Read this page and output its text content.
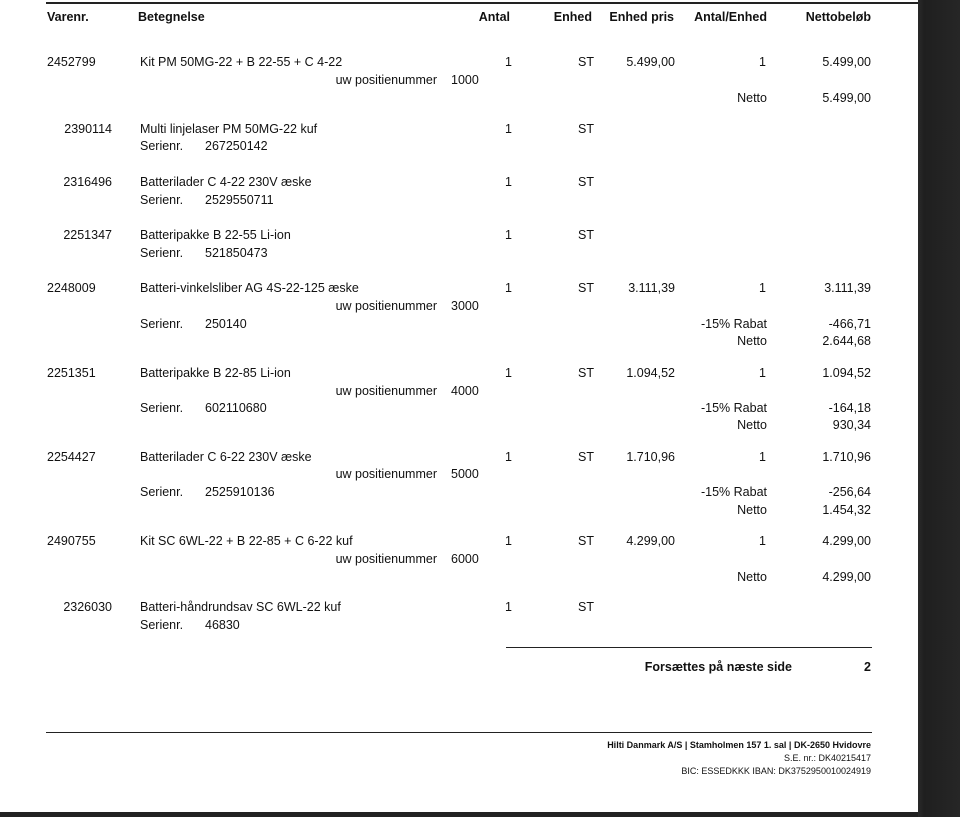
Varenr.	Betegnelse	Antal	Enhed	Enhed pris	Antal/Enhed	Nettobeløb
2452799	Kit PM 50MG-22 + B 22-55 + C 4-22	1	ST	5.499,00	1	5.499,00
uw positienummer 1000
Netto	5.499,00
2390114 Multi linjelaser PM 50MG-22 kuf	1	ST
Serienr. 267250142
2316496 Batterilader C 4-22 230V æske	1	ST
Serienr. 2529550711
2251347 Batteripakke B 22-55 Li-ion	1	ST
Serienr. 521850473
2248009	Batteri-vinkelsliber AG 4S-22-125 æske	1	ST	3.111,39	1	3.111,39
uw positienummer 3000
Serienr. 250140	-15% Rabat	-466,71
Netto	2.644,68
2251351	Batteripakke B 22-85 Li-ion	1	ST	1.094,52	1	1.094,52
uw positienummer 4000
Serienr. 602110680	-15% Rabat	-164,18
Netto	930,34
2254427	Batterilader C 6-22 230V æske	1	ST	1.710,96	1	1.710,96
uw positienummer 5000
Serienr. 2525910136	-15% Rabat	-256,64
Netto	1.454,32
2490755	Kit SC 6WL-22 + B 22-85 + C 6-22 kuf	1	ST	4.299,00	1	4.299,00
uw positienummer 6000
Netto	4.299,00
2326030 Batteri-håndrundsav SC 6WL-22 kuf	1	ST
Serienr. 46830
Forsættes på næste side	2
Hilti Danmark A/S | Stamholmen 157 1. sal | DK-2650 Hvidovre
S.E. nr.: DK40215417
BIC: ESSEDKKK IBAN: DK3752950010024919
